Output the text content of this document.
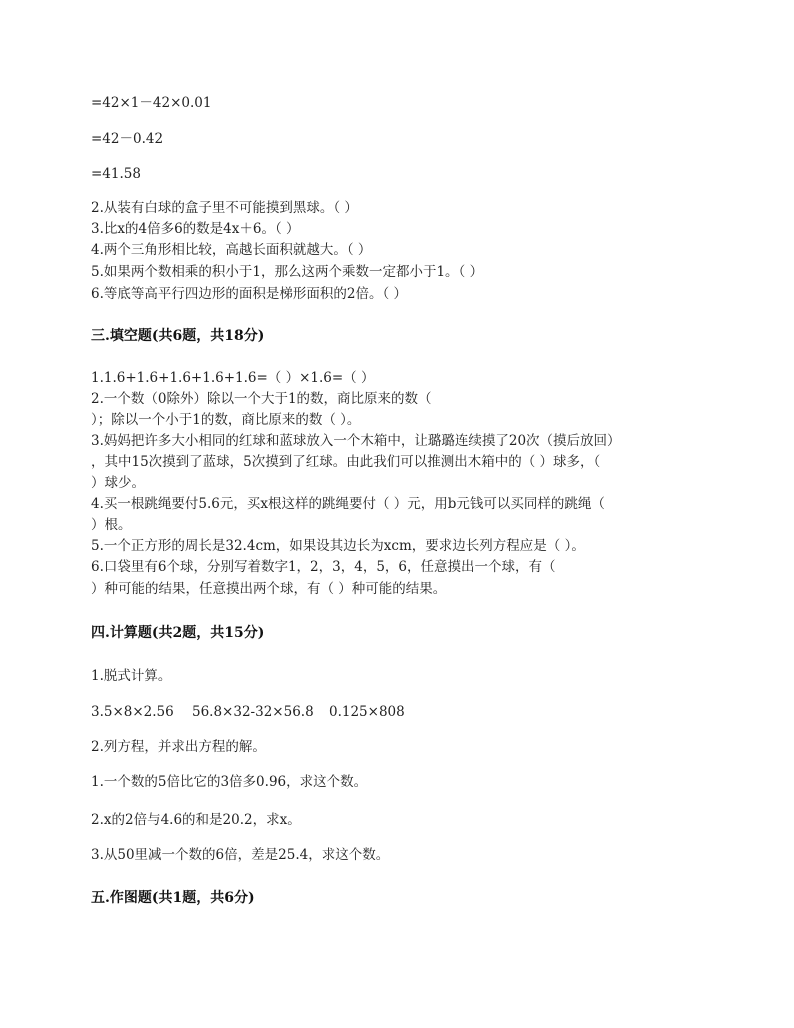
=42×1－42×0.01
=42－0.42
=41.58
2.从装有白球的盒子里不可能摸到黑球。（ ）
3.比x的4倍多6的数是4x＋6。（ ）
4.两个三角形相比较，高越长面积就越大。（ ）
5.如果两个数相乘的积小于1，那么这两个乘数一定都小于1。（ ）
6.等底等高平行四边形的面积是梯形面积的2倍。（ ）
三.填空题(共6题，共18分)
1.1.6+1.6+1.6+1.6+1.6=（ ）×1.6=（ ）
2.一个数（0除外）除以一个大于1的数，商比原来的数（
）；除以一个小于1的数，商比原来的数（ ）。
3.妈妈把许多大小相同的红球和蓝球放入一个木箱中，让璐璐连续摸了20次（摸后放回）
，其中15次摸到了蓝球，5次摸到了红球。由此我们可以推测出木箱中的（ ）球多，（
）球少。
4.买一根跳绳要付5.6元，买x根这样的跳绳要付（ ）元，用b元钱可以买同样的跳绳（
）根。
5.一个正方形的周长是32.4cm，如果设其边长为xcm，要求边长列方程应是（ ）。
6.口袋里有6个球，分别写着数字1，2，3，4，5，6，任意摸出一个球，有（
）种可能的结果，任意摸出两个球，有（ ）种可能的结果。
四.计算题(共2题，共15分)
1.脱式计算。
3.5×8×2.56 56.8×32-32×56.8 0.125×808
2.列方程，并求出方程的解。
1.一个数的5倍比它的3倍多0.96，求这个数。
2.x的2倍与4.6的和是20.2，求x。
3.从50里减一个数的6倍，差是25.4，求这个数。
五.作图题(共1题，共6分)
